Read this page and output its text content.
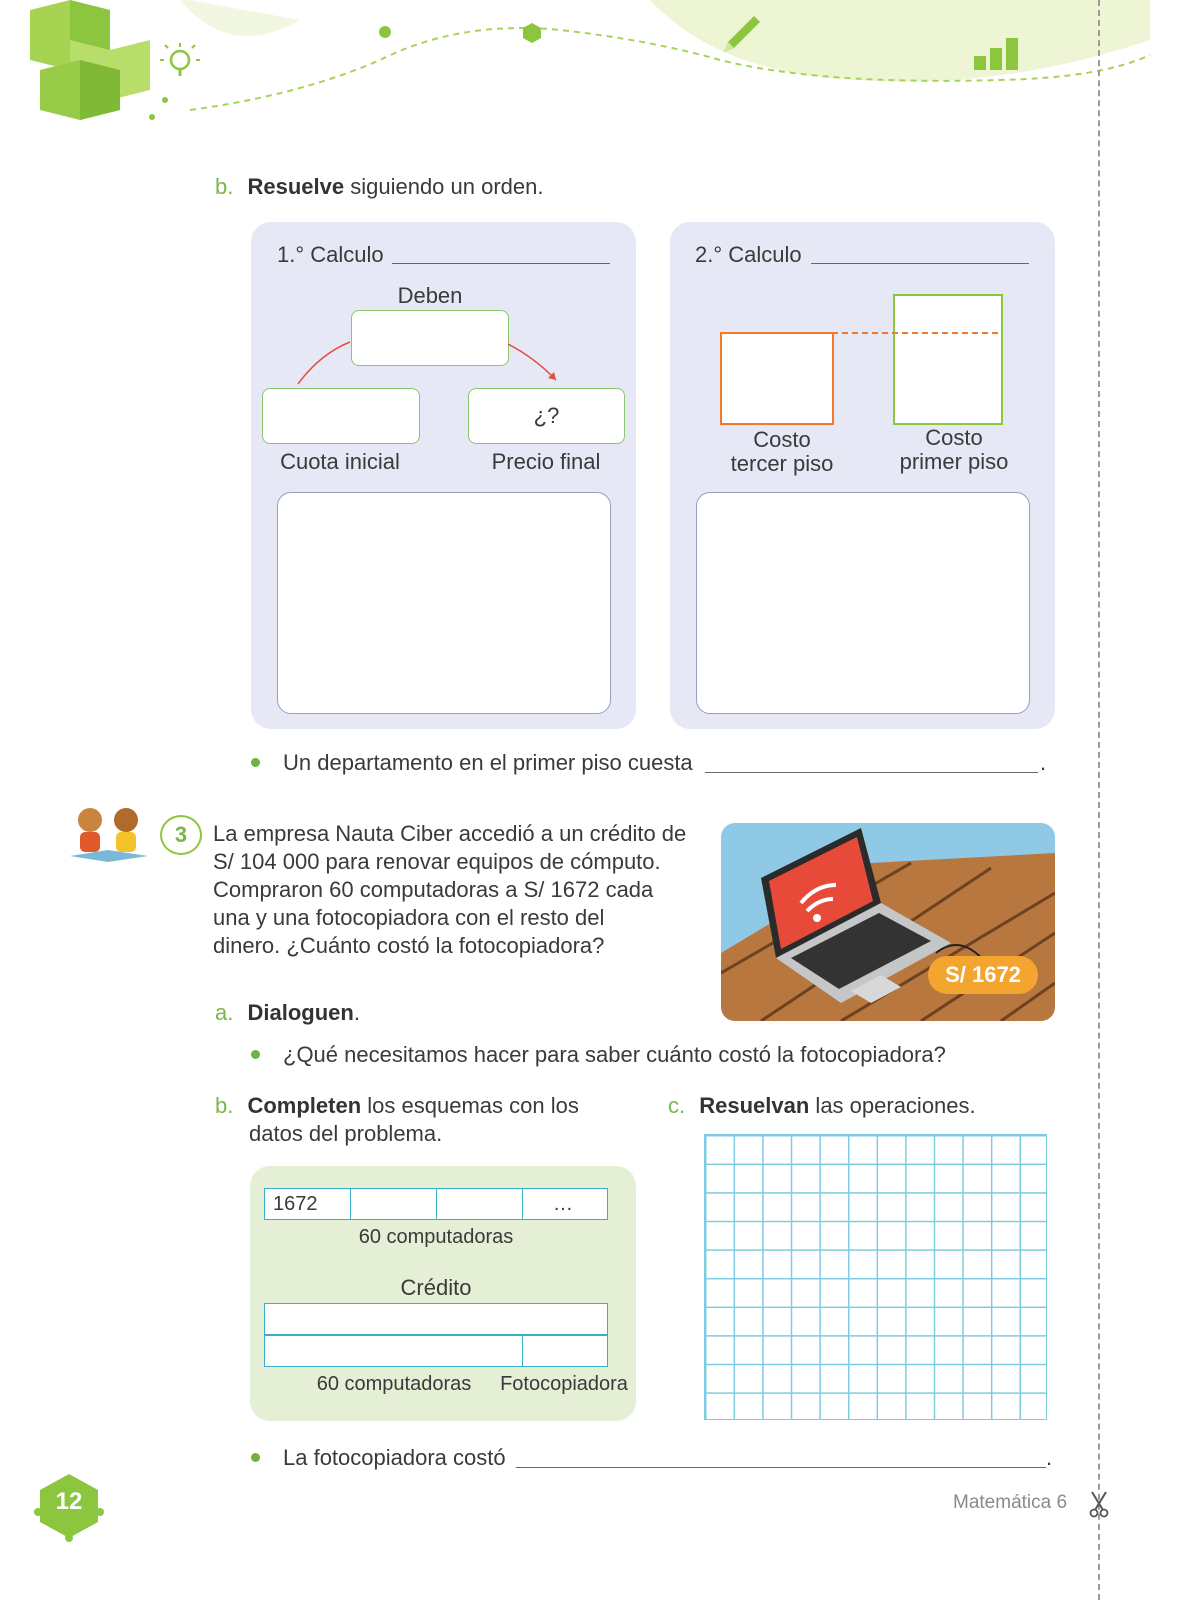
b. Resuelve siguiendo un orden.
1.° Calculo
Deben
¿?
Cuota inicial	Precio final
2.° Calculo
Costo
tercer piso
Costo
primer piso
Un departamento en el primer piso cuesta	.
3	La empresa Nauta Ciber accedió a un crédito de
S/ 104 000 para renovar equipos de cómputo.
Compraron 60 computadoras a S/ 1672 cada
una y una fotocopiadora con el resto del
dinero. ¿Cuánto costó la fotocopiadora?
S/ 1672
a. Dialoguen.
¿Qué necesitamos hacer para saber cuánto costó la fotocopiadora?
b. Completen los esquemas con los
datos del problema.
1672	…
60 computadoras
Crédito
60 computadoras	Fotocopiadora
c. Resuelvan las operaciones.
La fotocopiadora costó	.
12	Matemática 6
